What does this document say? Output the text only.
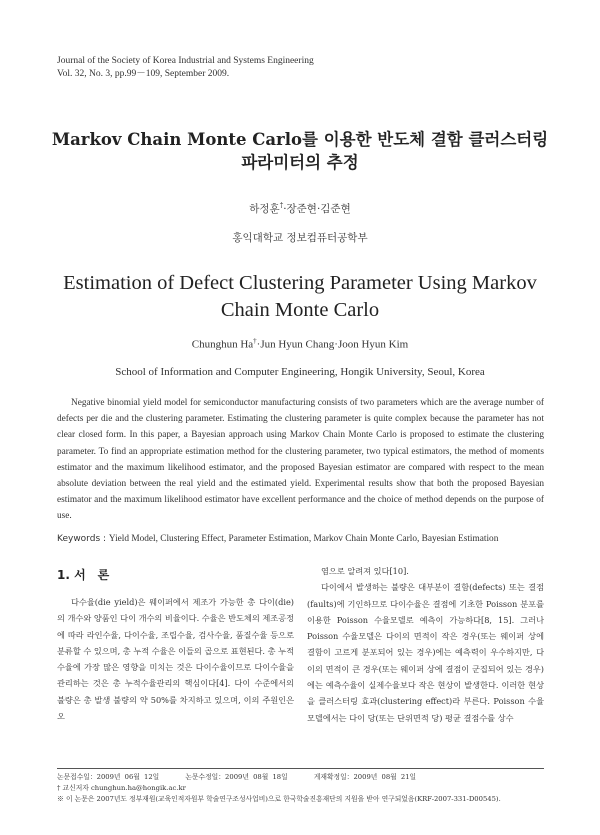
Journal of the Society of Korea Industrial and Systems Engineering
Vol. 32, No. 3, pp.99－109, September 2009.
Markov Chain Monte Carlo를 이용한 반도체 결함 클러스터링
파라미터의 추정
하정훈†·장준현·김준현
홍익대학교 정보컴퓨터공학부
Estimation of Defect Clustering Parameter Using Markov
Chain Monte Carlo
Chunghun Ha†·Jun Hyun Chang·Joon Hyun Kim
School of Information and Computer Engineering, Hongik University, Seoul, Korea
Negative binomial yield model for semiconductor manufacturing consists of two parameters which are the average number of defects per die and the clustering parameter. Estimating the clustering parameter is quite complex because the parameter has not clear closed form. In this paper, a Bayesian approach using Markov Chain Monte Carlo is proposed to estimate the clustering parameter. To find an appropriate estimation method for the clustering parameter, two typical estimators, the method of moments estimator and the maximum likelihood estimator, and the proposed Bayesian estimator are compared with respect to the mean absolute deviation between the real yield and the estimated yield. Experimental results show that both the proposed Bayesian estimator and the maximum likelihood estimator have excellent performance and the choice of method depends on the purpose of use.
Keywords : Yield Model, Clustering Effect, Parameter Estimation, Markov Chain Monte Carlo, Bayesian Estimation
1. 서　론

다수율(die yield)은 웨이퍼에서 제조가 가능한 총 다이(die)의 개수와 양품인 다이 개수의 비율이다. 수율은 반도체의 제조공정에 따라 라인수율, 다이수율, 조립수율, 검사수율, 품질수율 등으로 분류할 수 있으며, 총 누적 수율은 이들의 곱으로 표현된다. 총 누적수율에 가장 많은 영향을 미치는 것은 다이수율이므로 다이수율을 관리하는 것은 총 누적수율관리의 핵심이다[4]. 다이 수준에서의 불량은 총 발생 불량의 약 50%를 차지하고 있으며, 이의 주원인은 오

염으로 알려져 있다[10].

다이에서 발생하는 불량은 대부분이 결함(defects) 또는 결점(faults)에 기인하므로 다이수율은 결점에 기초한 Poisson 분포를 이용한 Poisson 수율모델로 예측이 가능하다[8, 15]. 그러나 Poisson 수율모델은 다이의 면적이 작은 경우(또는 웨이퍼 상에 결함이 고르게 분포되어 있는 경우)에는 예측력이 우수하지만, 다이의 면적이 큰 경우(또는 웨이퍼 상에 결점이 군집되어 있는 경우)에는 예측수율이 실제수율보다 작은 현상이 발생한다. 이러한 현상을 클러스터링 효과(clustering effect)라 부른다. Poisson 수율모델에서는 다이 당(또는 단위면적 당) 평균 결점수를 상수

논문접수일：2009년 06월 12일	논문수정일：2009년 08월 18일	게재확정일：2009년 08월 21일
† 교신저자 chunghun.ha@hongik.ac.kr
※ 이 논문은 2007년도 정부재원(교육인적자원부 학술연구조성사업비)으로 한국학술진흥재단의 지원을 받아 연구되었음(KRF-2007-331-D00545).
